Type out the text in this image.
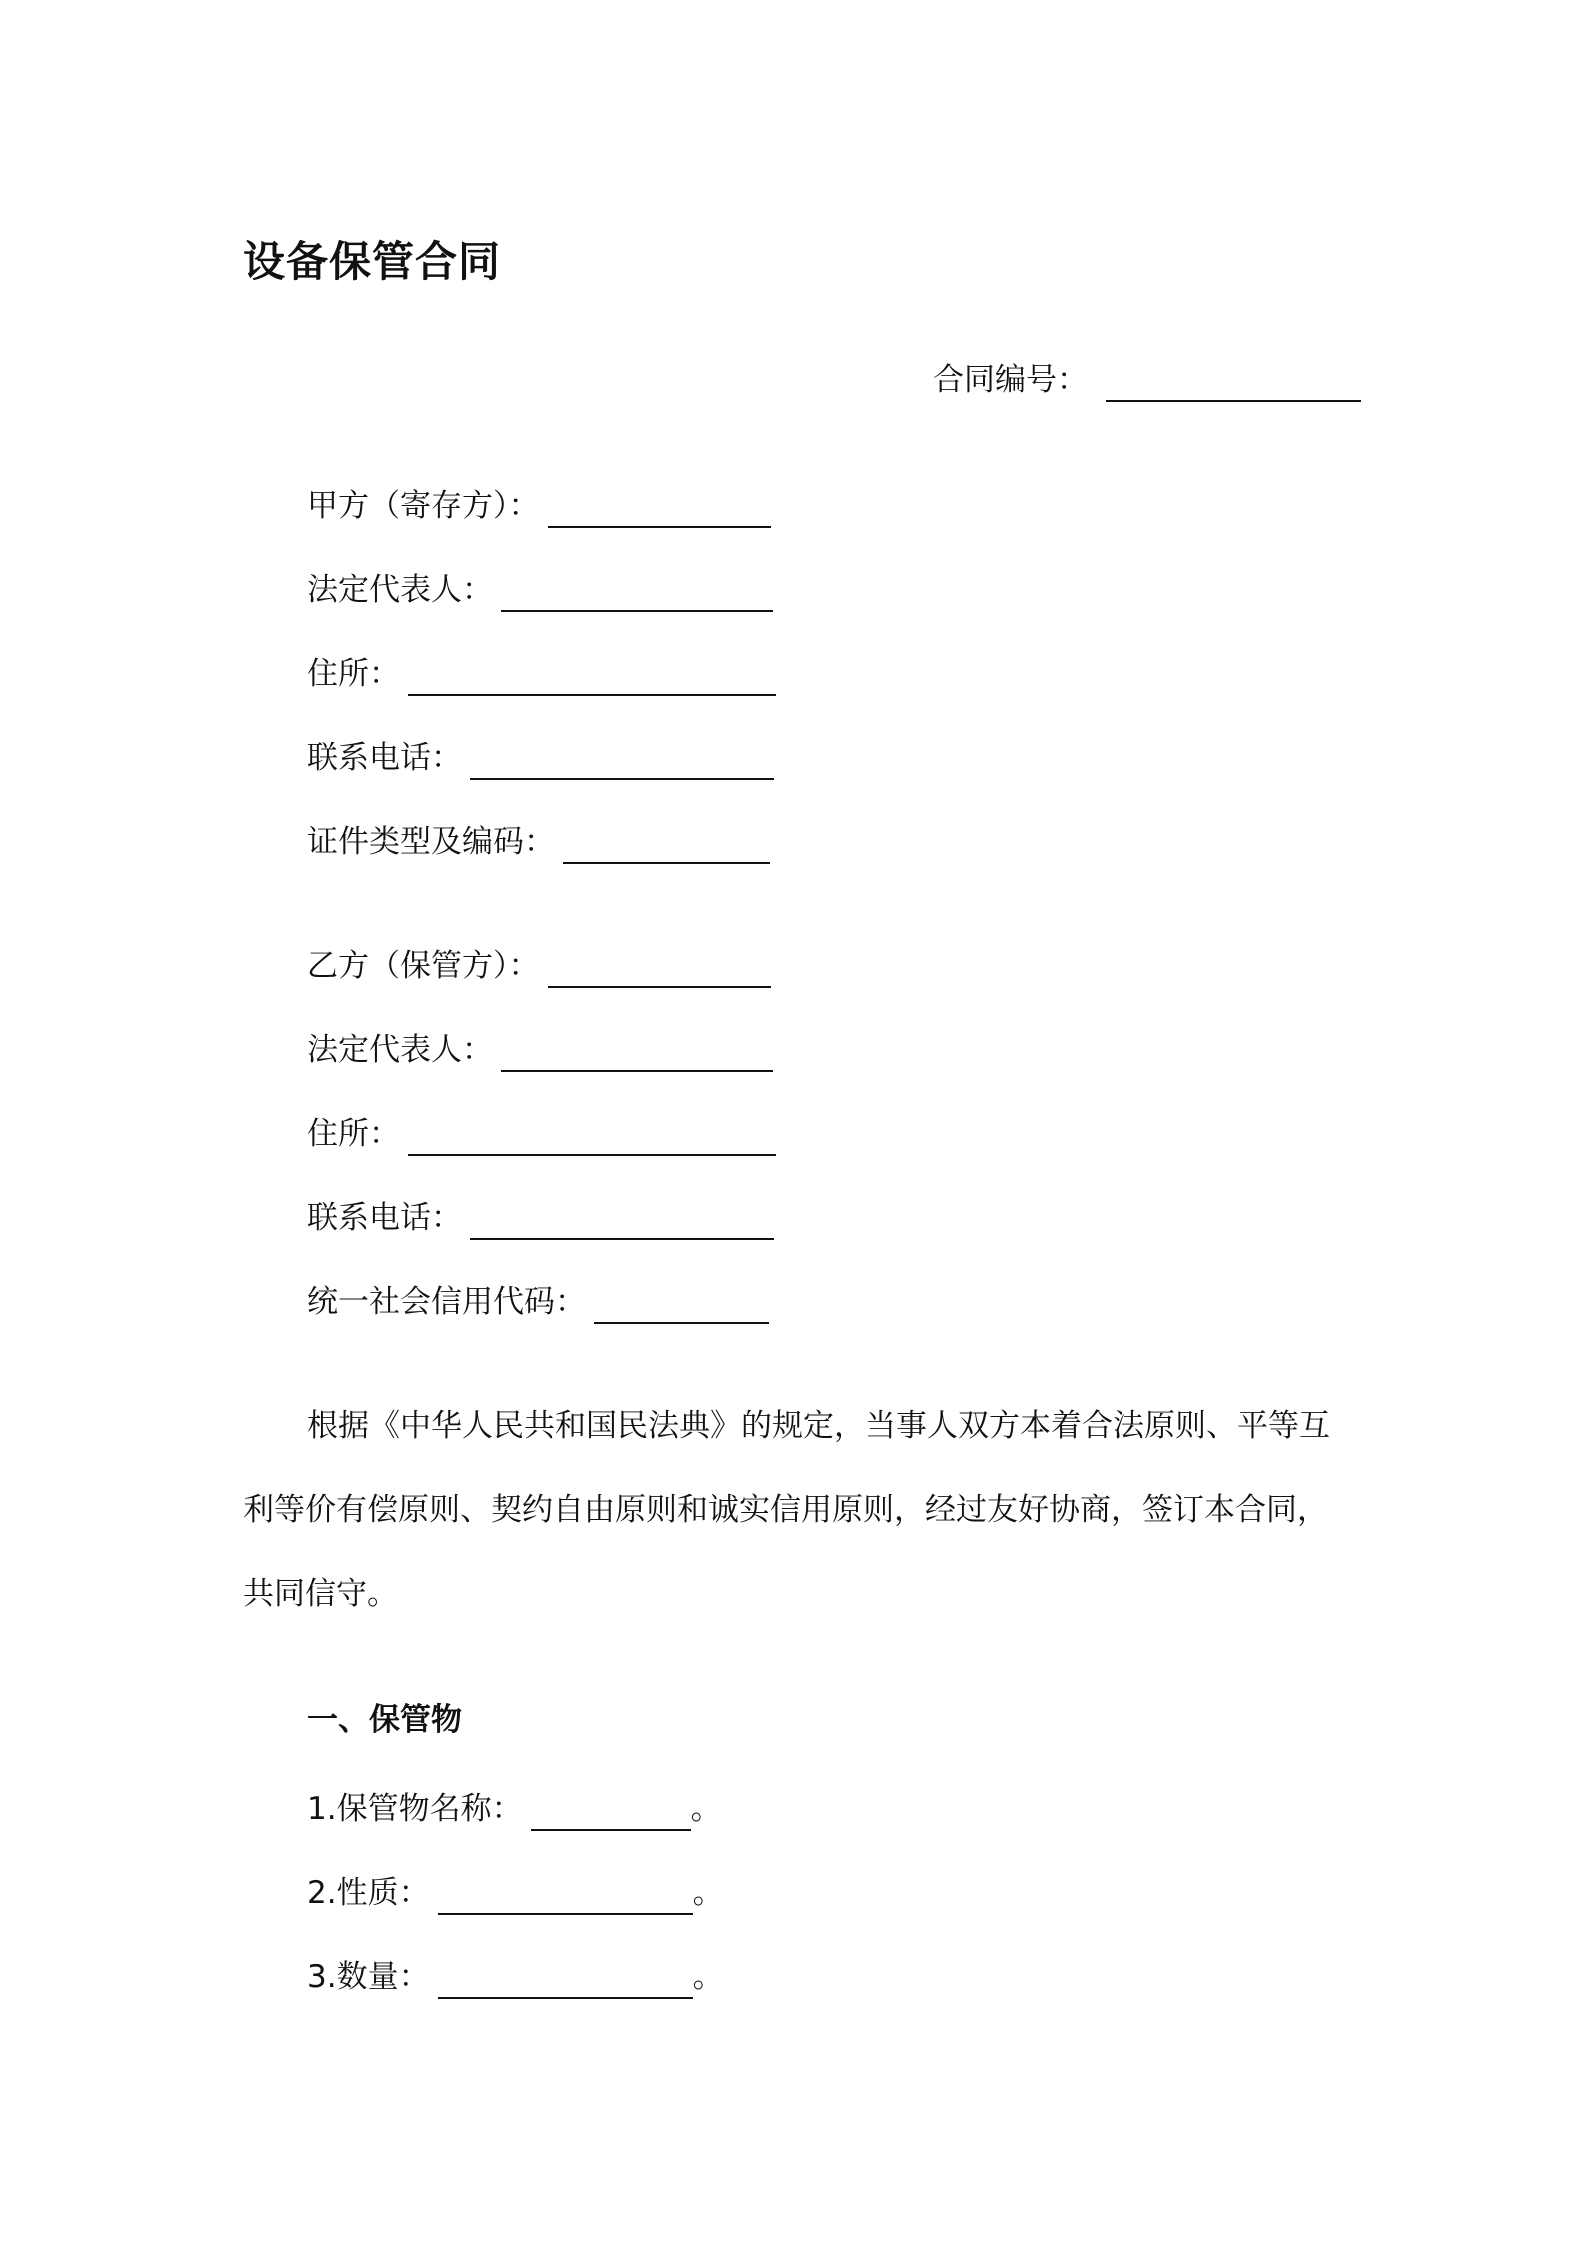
设备保管合同
合同编号：
甲方（寄存方）：
法定代表人：
住所：
联系电话：
证件类型及编码：
乙方（保管方）：
法定代表人：
住所：
联系电话：
统一社会信用代码：
根据《中华人民共和国民法典》的规定，当事人双方本着合法原则、平等互
利等价有偿原则、契约自由原则和诚实信用原则，经过友好协商，签订本合同，
共同信守。
一、保管物
1.保管物名称：	。
2.性质：	。
3.数量：	。
